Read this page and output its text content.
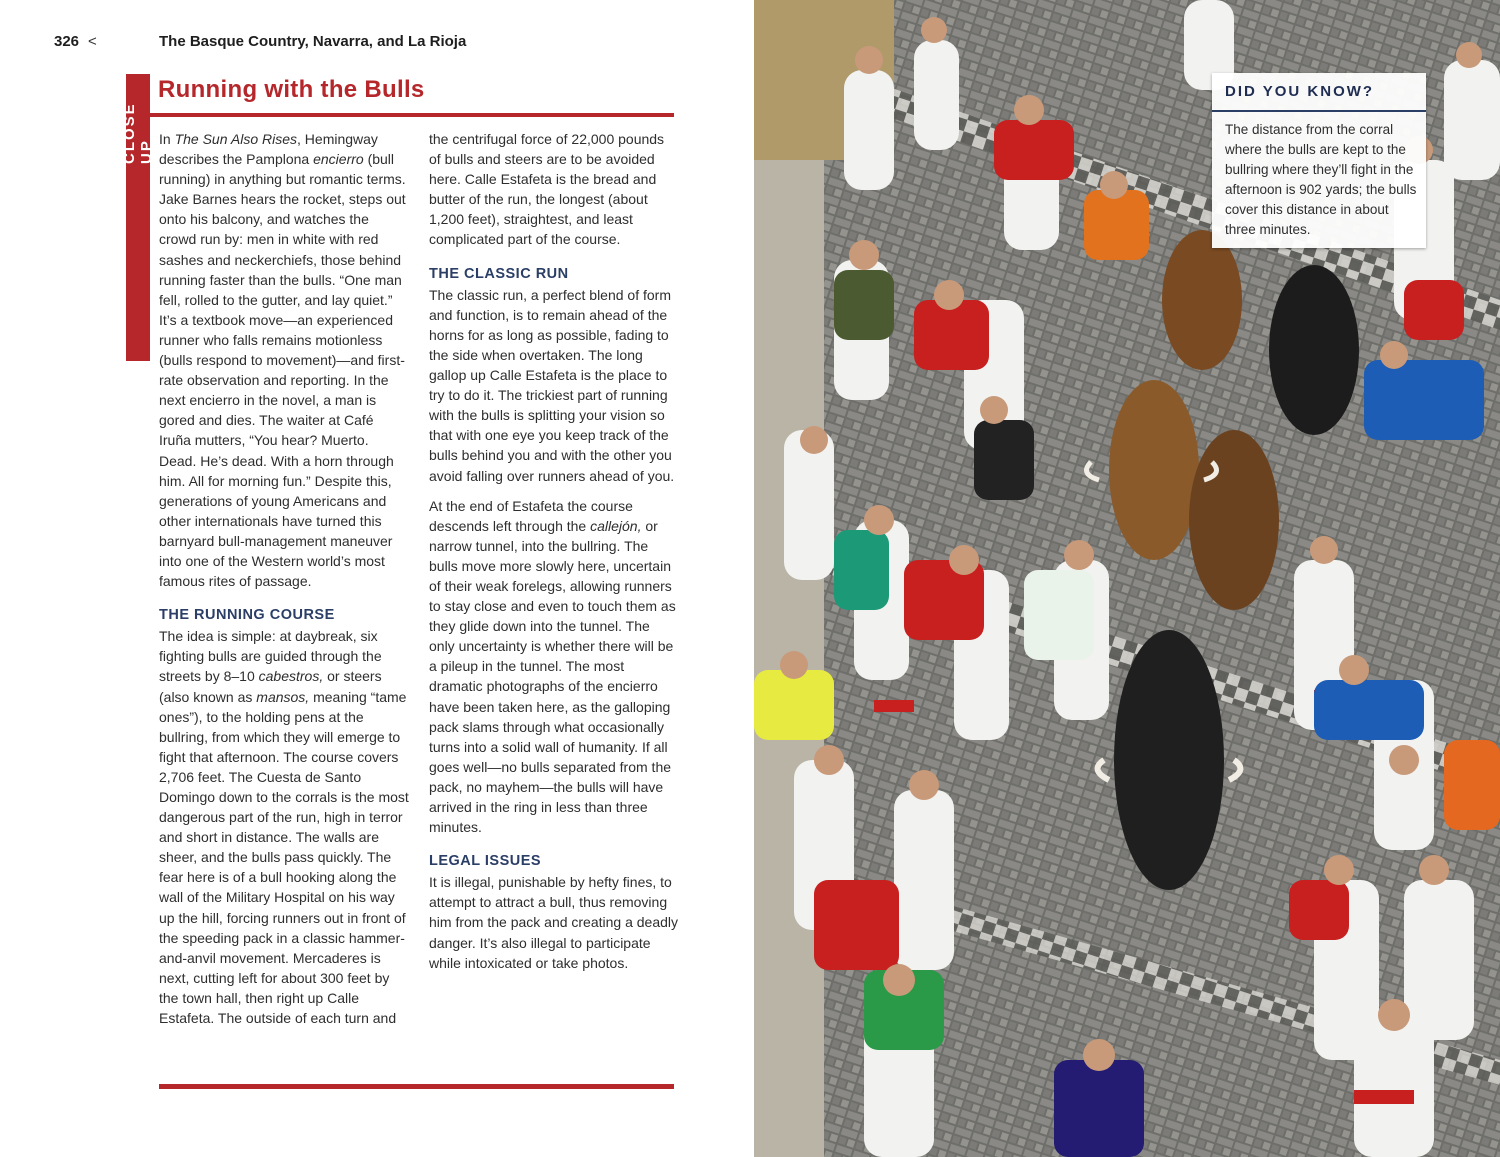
326 <	The Basque Country, Navarra, and La Rioja
CLOSE UP
Running with the Bulls

In The Sun Also Rises, Hemingway describes the Pamplona encierro (bull running) in anything but romantic terms. Jake Barnes hears the rocket, steps out onto his balcony, and watches the crowd run by: men in white with red sashes and neckerchiefs, those behind running faster than the bulls. “One man fell, rolled to the gutter, and lay quiet.” It’s a textbook move—an experienced runner who falls remains motionless (bulls respond to movement)—and first-rate observation and reporting. In the next encierro in the novel, a man is gored and dies. The waiter at Café Iruña mutters, “You hear? Muerto. Dead. He’s dead. With a horn through him. All for morning fun.” Despite this, generations of young Americans and other internationals have turned this barnyard bull-management maneuver into one of the Western world’s most famous rites of passage.

THE RUNNING COURSE

The idea is simple: at daybreak, six fighting bulls are guided through the streets by 8–10 cabestros, or steers (also known as mansos, meaning “tame ones”), to the holding pens at the bullring, from which they will emerge to fight that afternoon. The course covers 2,706 feet. The Cuesta de Santo Domingo down to the corrals is the most dangerous part of the run, high in terror and short in distance. The walls are sheer, and the bulls pass quickly. The fear here is of a bull hooking along the wall of the Military Hospital on his way up the hill, forcing runners out in front of the speeding pack in a classic hammer-and-anvil movement. Mercaderes is next, cutting left for about 300 feet by the town hall, then right up Calle Estafeta. The outside of each turn and

the centrifugal force of 22,000 pounds of bulls and steers are to be avoided here. Calle Estafeta is the bread and butter of the run, the longest (about 1,200 feet), straightest, and least complicated part of the course.

THE CLASSIC RUN

The classic run, a perfect blend of form and function, is to remain ahead of the horns for as long as possible, fading to the side when overtaken. The long gallop up Calle Estafeta is the place to try to do it. The trickiest part of running with the bulls is splitting your vision so that with one eye you keep track of the bulls behind you and with the other you avoid falling over runners ahead of you.

At the end of Estafeta the course descends left through the callejón, or narrow tunnel, into the bullring. The bulls move more slowly here, uncertain of their weak forelegs, allowing runners to stay close and even to touch them as they glide down into the tunnel. The only uncertainty is whether there will be a pileup in the tunnel. The most dramatic photographs of the encierro have been taken here, as the galloping pack slams through what occasionally turns into a solid wall of humanity. If all goes well—no bulls separated from the pack, no mayhem—the bulls will have arrived in the ring in less than three minutes.

LEGAL ISSUES

It is illegal, punishable by hefty fines, to attempt to attract a bull, thus removing him from the pack and creating a deadly danger. It’s also illegal to participate while intoxicated or take photos.

DID YOU KNOW?
The distance from the corral where the bulls are kept to the bullring where they’ll fight in the afternoon is 902 yards; the bulls cover this distance in about three minutes.
